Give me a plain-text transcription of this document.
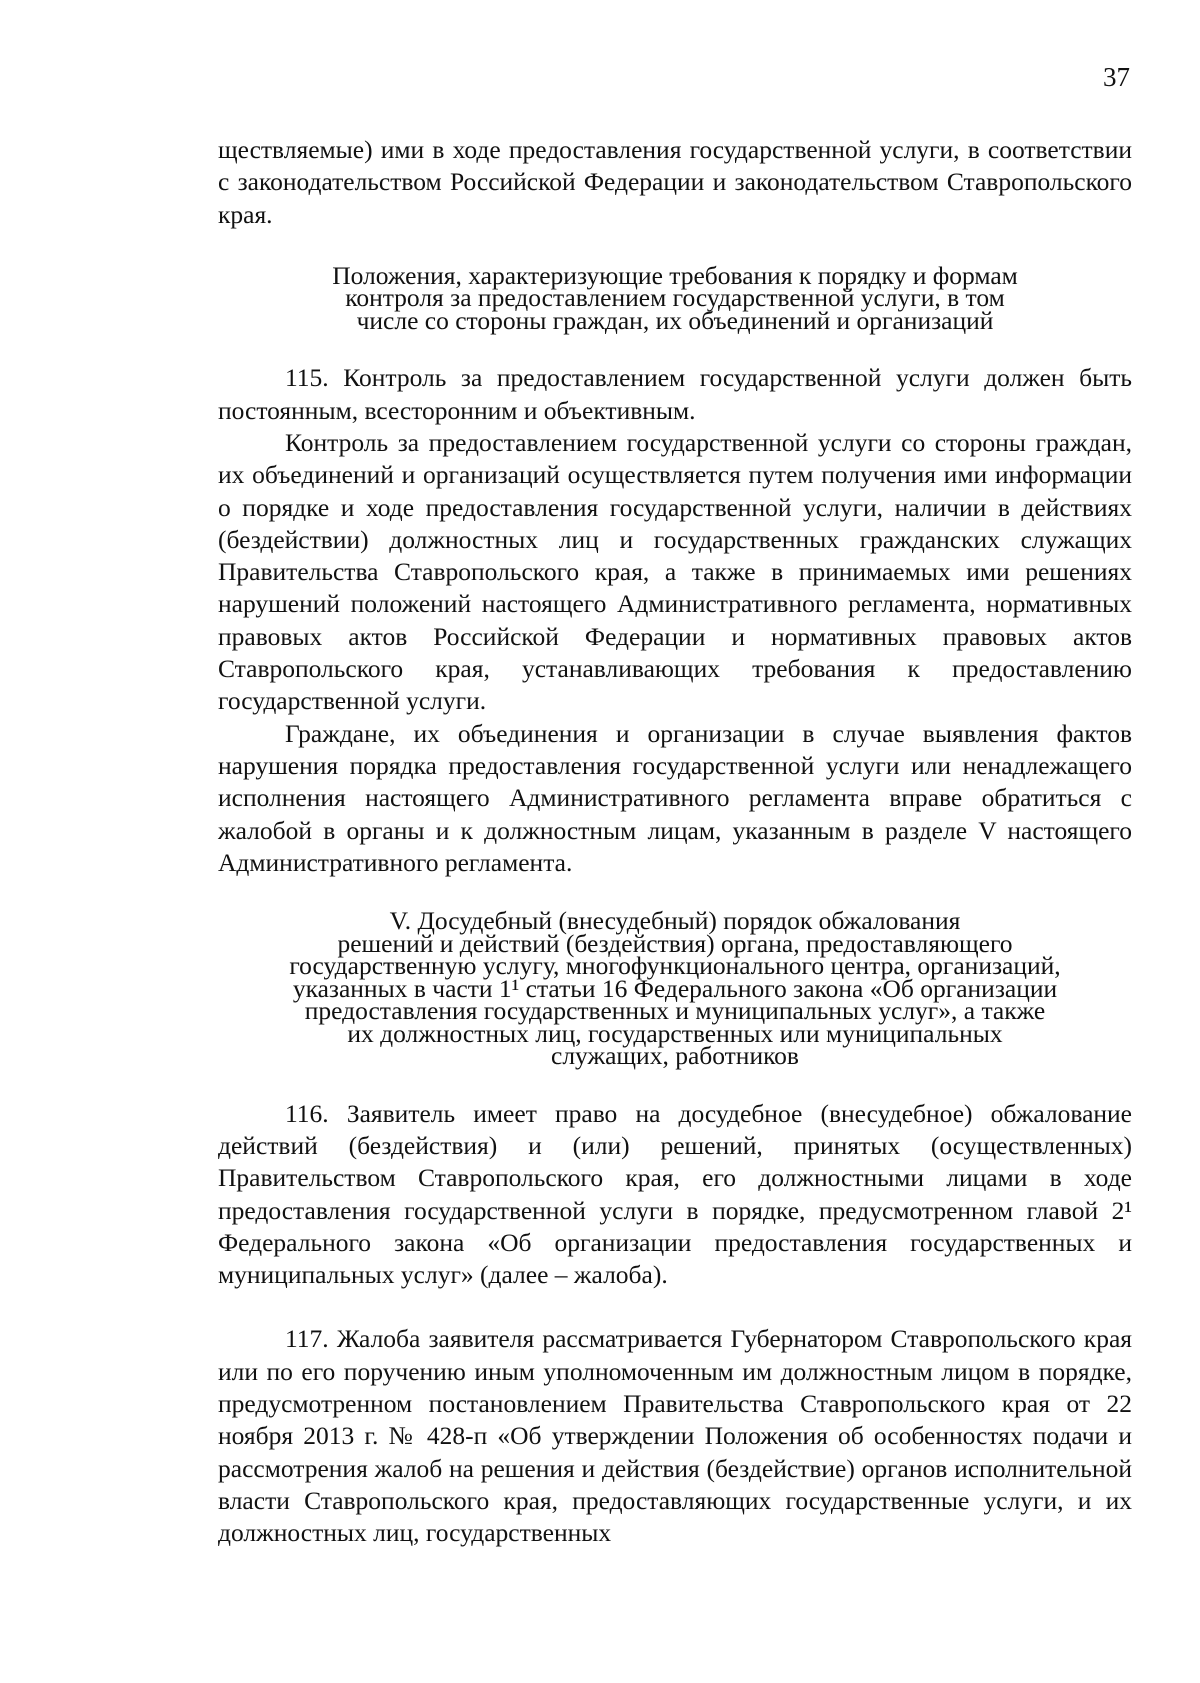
37

ществляемые) ими в ходе предоставления государственной услуги, в соответствии с законодательством Российской Федерации и законодательством Ставропольского края.

Положения, характеризующие требования к порядку и формам
контроля за предоставлением государственной услуги, в том
числе со стороны граждан, их объединений и организаций

115. Контроль за предоставлением государственной услуги должен быть постоянным, всесторонним и объективным.

Контроль за предоставлением государственной услуги со стороны граждан, их объединений и организаций осуществляется путем получения ими информации о порядке и ходе предоставления государственной услуги, наличии в действиях (бездействии) должностных лиц и государственных гражданских служащих Правительства Ставропольского края, а также в принимаемых ими решениях нарушений положений настоящего Административного регламента, нормативных правовых актов Российской Федерации и нормативных правовых актов Ставропольского края, устанавливающих требования к предоставлению государственной услуги.

Граждане, их объединения и организации в случае выявления фактов нарушения порядка предоставления государственной услуги или ненадлежащего исполнения настоящего Административного регламента вправе обратиться с жалобой в органы и к должностным лицам, указанным в разделе V настоящего Административного регламента.

V. Досудебный (внесудебный) порядок обжалования
решений и действий (бездействия) органа, предоставляющего
государственную услугу, многофункционального центра, организаций,
указанных в части 1¹ статьи 16 Федерального закона «Об организации
предоставления государственных и муниципальных услуг», а также
их должностных лиц, государственных или муниципальных
служащих, работников

116. Заявитель имеет право на досудебное (внесудебное) обжалование действий (бездействия) и (или) решений, принятых (осуществленных) Правительством Ставропольского края, его должностными лицами в ходе предоставления государственной услуги в порядке, предусмотренном главой 2¹ Федерального закона «Об организации предоставления государственных и муниципальных услуг» (далее – жалоба).

117. Жалоба заявителя рассматривается Губернатором Ставропольского края или по его поручению иным уполномоченным им должностным лицом в порядке, предусмотренном постановлением Правительства Ставропольского края от 22 ноября 2013 г. № 428-п «Об утверждении Положения об особенностях подачи и рассмотрения жалоб на решения и действия (бездействие) органов исполнительной власти Ставропольского края, предоставляющих государственные услуги, и их должностных лиц, государственных
